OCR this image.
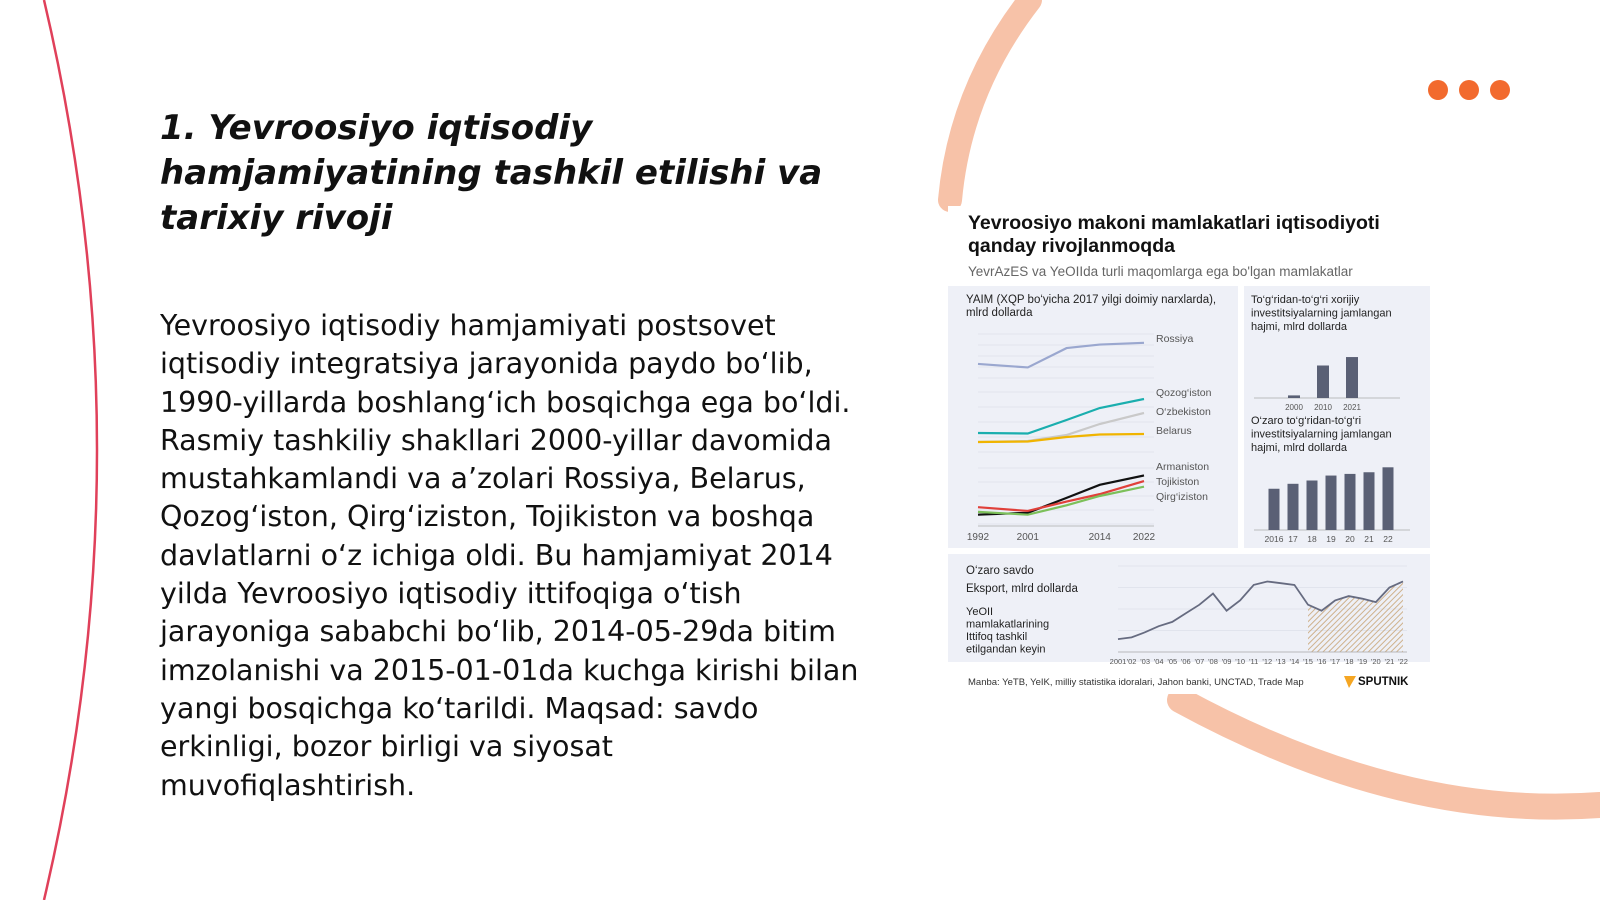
1. Yevroosiyo iqtisodiy hamjamiyatining tashkil etilishi va tarixiy rivoji

Yevroosiyo iqtisodiy hamjamiyati postsovet iqtisodiy integratsiya jarayonida paydo bo‘lib, 1990-yillarda boshlang‘ich bosqichga ega bo‘ldi. Rasmiy tashkiliy shakllari 2000-yillar davomida mustahkamlandi va a’zolari Rossiya, Belarus, Qozog‘iston, Qirg‘iziston, Tojikiston va boshqa davlatlarni o‘z ichiga oldi. Bu hamjamiyat 2014 yilda Yevroosiyo iqtisodiy ittifoqiga o‘tish jarayoniga sababchi bo‘lib, 2014-05-29da bitim imzolanishi va 2015-01-01da kuchga kirishi bilan yangi bosqichga ko‘tarildi. Maqsad: savdo erkinligi, bozor birligi va siyosat muvofiqlashtirish.

YAIM (XQP bo‘yicha 2017 yilgi doimiy narxlarda),
mlrd dollarda
Rossiya
Qozog‘iston
O‘zbekiston
Belarus
Armaniston
Tojikiston
Qirg‘iziston
1992	2001	2014 2022
To‘g‘ridan-to‘g‘ri xorijiy
investitsiyalarning jamlangan
hajmi, mlrd dollarda
2000 2010 2021
O‘zaro to‘g‘ridan-to‘g‘ri
investitsiyalarning jamlangan
hajmi, mlrd dollarda
2016 17 18 19 20 21 22
O‘zaro savdo
Eksport, mlrd dollarda
YeOII
mamlakatlarining
Ittifoq tashkil
etilgandan keyin
2001 '02 '03 '04 '05 '06 '07 '08 '09 '10 '11 '12 '13 '14 '15 '16 '17 '18 '19 '20 '21 '22
Manba: YeTB, YeIK, milliy statistika idoralari, Jahon banki, UNCTAD, Trade Map	SPUTNIK
Yevroosiyo makoni mamlakatlari iqtisodiyoti qanday rivojlanmoqda

YevrAzES va YeOIIda turli maqomlarga ega bo'lgan mamlakatlar
